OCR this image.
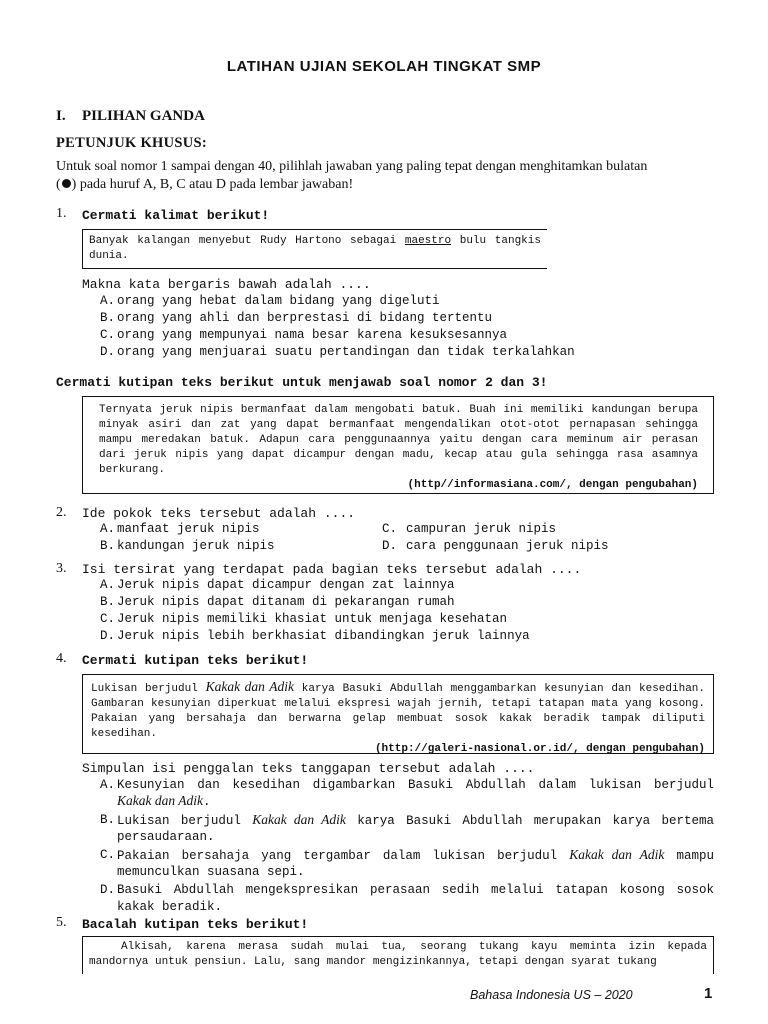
LATIHAN UJIAN SEKOLAH TINGKAT SMP
I. PILIHAN GANDA
PETUNJUK KHUSUS:
Untuk soal nomor 1 sampai dengan 40, pilihlah jawaban yang paling tepat dengan menghitamkan bulatan
( ) pada huruf A, B, C atau D pada lembar jawaban!
1. Cermati kalimat berikut!
Banyak kalangan menyebut Rudy Hartono sebagai maestro bulu tangkis dunia.
Makna kata bergaris bawah adalah ....
A. orang yang hebat dalam bidang yang digeluti
B. orang yang ahli dan berprestasi di bidang tertentu
C. orang yang mempunyai nama besar karena kesuksesannya
D. orang yang menjuarai suatu pertandingan dan tidak terkalahkan
Cermati kutipan teks berikut untuk menjawab soal nomor 2 dan 3!
Ternyata jeruk nipis bermanfaat dalam mengobati batuk. Buah ini memiliki kandungan berupa minyak asiri dan zat yang dapat bermanfaat mengendalikan otot-otot pernapasan sehingga mampu meredakan batuk. Adapun cara penggunaannya yaitu dengan cara meminum air perasan dari jeruk nipis yang dapat dicampur dengan madu, kecap atau gula sehingga rasa asamnya berkurang.
(http//informasiana.com/, dengan pengubahan)
2. Ide pokok teks tersebut adalah ....
A. manfaat jeruk nipis
B. kandungan jeruk nipis
C. campuran jeruk nipis
D. cara penggunaan jeruk nipis
3. Isi tersirat yang terdapat pada bagian teks tersebut adalah ....
A. Jeruk nipis dapat dicampur dengan zat lainnya
B. Jeruk nipis dapat ditanam di pekarangan rumah
C. Jeruk nipis memiliki khasiat untuk menjaga kesehatan
D. Jeruk nipis lebih berkhasiat dibandingkan jeruk lainnya
4. Cermati kutipan teks berikut!
Lukisan berjudul Kakak dan Adik karya Basuki Abdullah menggambarkan kesunyian dan kesedihan. Gambaran kesunyian diperkuat melalui ekspresi wajah jernih, tetapi tatapan mata yang kosong. Pakaian yang bersahaja dan berwarna gelap membuat sosok kakak beradik tampak diliputi kesedihan.
(http://galeri-nasional.or.id/, dengan pengubahan)
Simpulan isi penggalan teks tanggapan tersebut adalah ....
A. Kesunyian dan kesedihan digambarkan Basuki Abdullah dalam lukisan berjudul Kakak dan Adik.
B. Lukisan berjudul Kakak dan Adik karya Basuki Abdullah merupakan karya bertema persaudaraan.
C. Pakaian bersahaja yang tergambar dalam lukisan berjudul Kakak dan Adik mampu memunculkan suasana sepi.
D. Basuki Abdullah mengekspresikan perasaan sedih melalui tatapan kosong sosok kakak beradik.
5. Bacalah kutipan teks berikut!
Alkisah, karena merasa sudah mulai tua, seorang tukang kayu meminta izin kepada mandornya untuk pensiun. Lalu, sang mandor mengizinkannya, tetapi dengan syarat tukang
Bahasa Indonesia US – 2020	1
